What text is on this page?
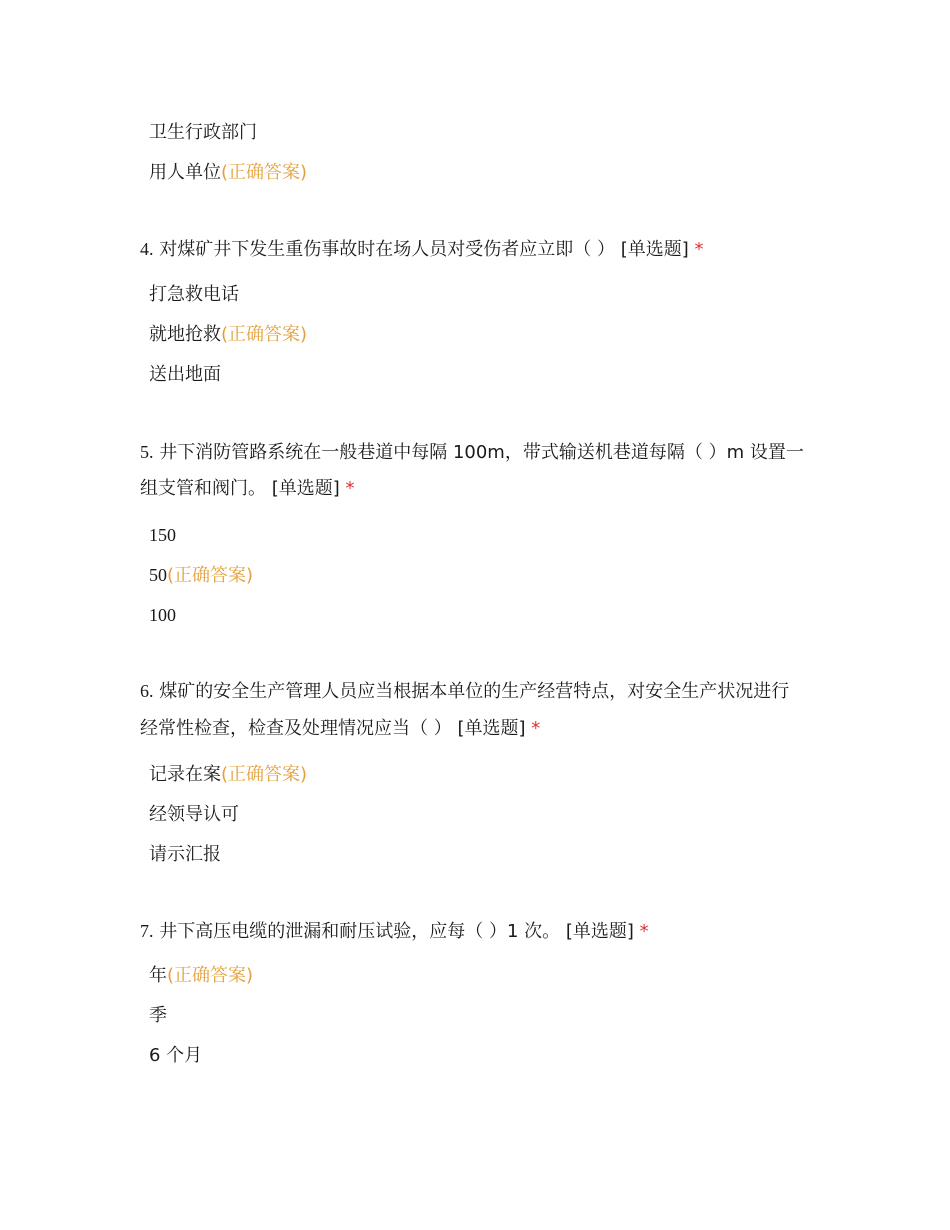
卫生行政部门
用人单位(正确答案)
4. 对煤矿井下发生重伤事故时在场人员对受伤者应立即（ ） [单选题] *
打急救电话
就地抢救(正确答案)
送出地面
5. 井下消防管路系统在一般巷道中每隔 100m，带式输送机巷道每隔（ ）m 设置一
组支管和阀门。 [单选题] *
150
50(正确答案)
100
6. 煤矿的安全生产管理人员应当根据本单位的生产经营特点，对安全生产状况进行
经常性检查，检查及处理情况应当（ ） [单选题] *
记录在案(正确答案)
经领导认可
请示汇报
7. 井下高压电缆的泄漏和耐压试验，应每（ ）1 次。 [单选题] *
年(正确答案)
季
6 个月
